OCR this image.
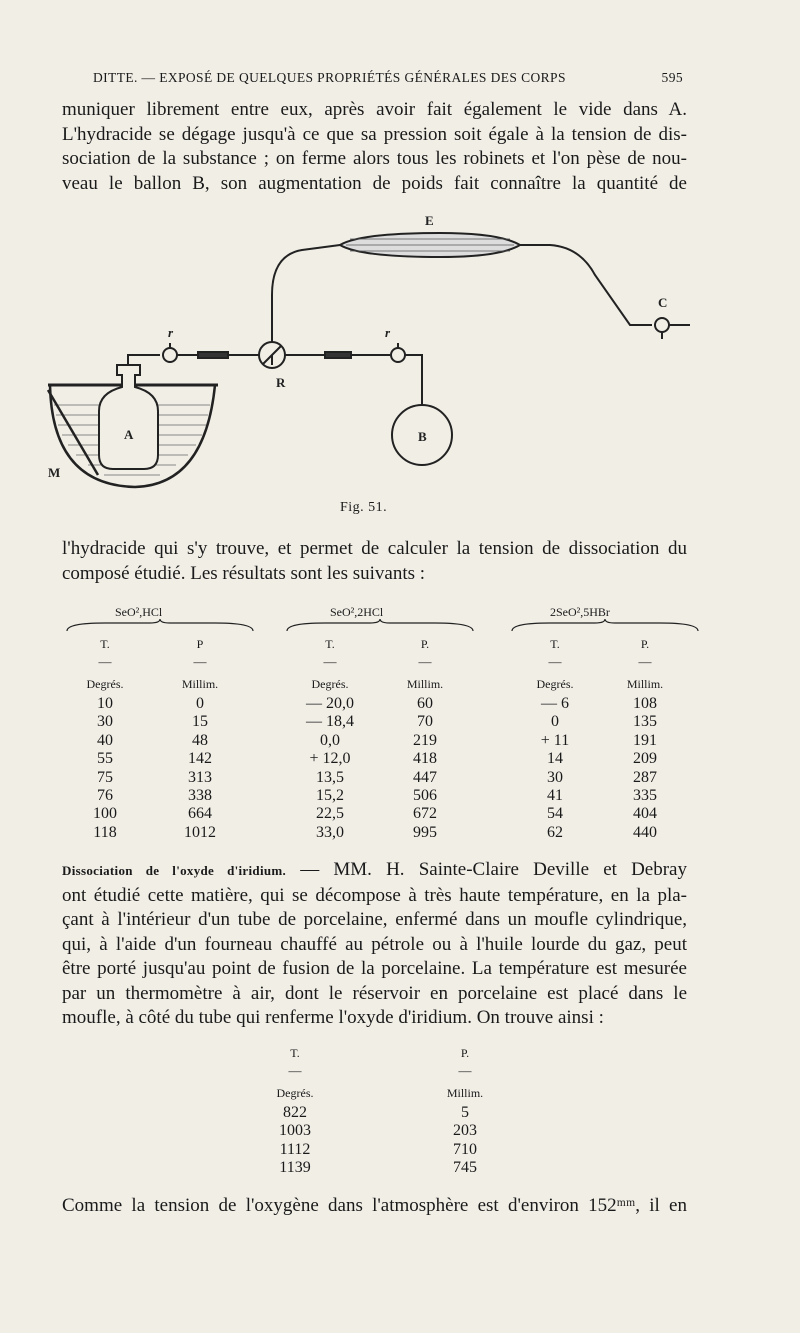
DITTE. — EXPOSÉ DE QUELQUES PROPRIÉTÉS GÉNÉRALES DES CORPS	595
muniquer librement entre eux, après avoir fait également le vide dans A.
L'hydracide se dégage jusqu'à ce que sa pression soit égale à la tension de dis-
sociation de la substance ; on ferme alors tous les robinets et l'on pèse de nou-
veau le ballon B, son augmentation de poids fait connaître la quantité de
E
C
r
R
r
A	B
M
Fig. 51.
l'hydracide qui s'y trouve, et permet de calculer la tension de dissociation du
composé étudié. Les résultats sont les suivants :
SeO²,HCl
T.
—
Degrés.
10
30
40
55
75
76
100
118
P
—
Millim.
0
15
48
142
313
338
664
1012
SeO²,2HCl
T.
—
Degrés.
— 20,0
— 18,4
0,0
+ 12,0
13,5
15,2
22,5
33,0
P.
—
Millim.
60
70
219
418
447
506
672
995
2SeO²,5HBr
T.
—
Degrés.
— 6
0
+ 11
14
30
41
54
62
P.
—
Millim.
108
135
191
209
287
335
404
440
Dissociation de l'oxyde d'iridium. — MM. H. Sainte-Claire Deville et Debray
ont étudié cette matière, qui se décompose à très haute température, en la pla-
çant à l'intérieur d'un tube de porcelaine, enfermé dans un moufle cylindrique,
qui, à l'aide d'un fourneau chauffé au pétrole ou à l'huile lourde du gaz, peut
être porté jusqu'au point de fusion de la porcelaine. La température est mesurée
par un thermomètre à air, dont le réservoir en porcelaine est placé dans le
moufle, à côté du tube qui renferme l'oxyde d'iridium. On trouve ainsi :
T.
—
Degrés.
822
1003
1112
1139
P.
—
Millim.
5
203
710
745
Comme la tension de l'oxygène dans l'atmosphère est d'environ 152ᵐᵐ, il en
